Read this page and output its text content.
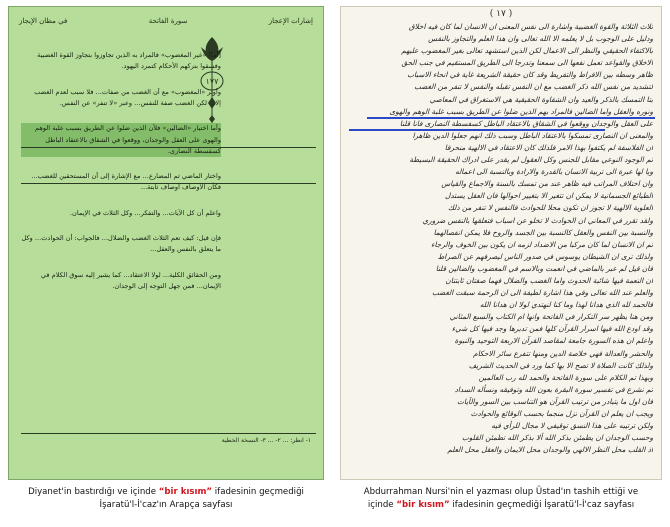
إشارات الإعجاز
سورة الفاتحة
في مظان الإيجاز
١٧٧

[أما] «غير المغضوب» فالمراد به الذين تجاوزوا بتجاوز القوة الغضبية وفسقوا بتركهم الأحكام كتمرد اليهود.

وأوثر «المغضوب» مع أن الغضب من صفات... فلا سبب لعدم الغضب إلا... لكن الغضب صفة للنفس... وعبر «لا تنفر» عن النفس.

وأما اختيار «الضالين» فلأن الذين ضلوا عن الطريق بسبب غلبة الوهم والهوى على العقل والوجدان، ووقعوا في الشقاق بالاعتقاد الباطل كسفسطة النصارى.

واختار الماضي ثم المضارع... مع الإشارة إلى أن المستحقين للغضب... فكأن الأوصاف أوصاف ثابتة...

واعلم أن كل الآيات... والتفكر... وكل الثلاث في الإيمان.

فإن قيل: كيف تعم الثلاث الغضب والضلال... فالجواب: أن الحوادث... وكل ما يتعلق بالنفس والعقل...

ومن الحقائق الكلية... لولا الاعتقاد... كما يشير إليه سوق الكلام في الإيمان... فمن جهل التوجه إلى الوجدان.

١- انظر: ... ٢- ... ٣- النسخة الخطية
( ١٧ )
ثلاث الثلاثة والقوة الغضبية واشارة الى نفس المعنى ان الانسان لما كان فيه اخلاق
ودليل على الوجوب بل لا يعلمه الا الله تعالى وان هذا العلم والتجاوز بالنفس
بالاكتفاء الحقيقي والنظر الى الاعمال لكن الذين استشهد تعالى بغير المغضوب عليهم
الاخلاق والقواعد تعمل نفعها الى سمعنا وتدرجا الى الطريق المستقيم في جنب الحق
ظاهر وسطه بين الافراط والتفريط وقد كان حقيقة الشريعة غاية في انحاء الاسباب
لتشديد من نفس الله ذكر الغضب مع ان النفس تقبله والنفس لا تنفر من الغضب
بتا التمسك بالذكر والعيد وان الشقاوة الحقيقية هي الاستغراق في المعاصي
ونوره والعقل واما الضالين فالمراد بهم الذين ضلوا عن الطريق بسبب غلبة الوهم والهوى
على العقل والوجدان ووقعوا في الشقاق بالاعتقاد الباطل كسفسطة النصارى فانا قلنا
والمعنى ان النصارى تمسكوا بالاعتقاد الباطل وسبب ذلك انهم جعلوا الدين ظاهرا
ان الفلاسفة لم يكتفوا بهذا الامر فلذلك كان الاعتقاد في الالهية منحرفا
ثم الوجود النوعي مقابل للجنس وكل العقول لم يقدر على ادراك الحقيقة البسيطة
ويا لها عبرة الى تربية الانسان بالقدرة والارادة وبالنسبة الى اعماله
وان اختلاف المراتب فيه ظاهر عند من تمسك بالسنة والاجماع والقياس
الطبائع الجسمانية لا يمكن ان تتغير الا بتغيير احوالها فان العقل يستدل
العلوية الالهية لا تجوز ان تكون محلا للحوادث فالنفس لا تنفر من ذلك
ولقد تقرر في المعاني ان الحوادث لا تخلو عن اسباب فتعلقها بالنفس ضروري
والنسبة بين النفس والعقل كالنسبة بين الجسد والروح فلا يمكن انفصالهما
ثم ان الانسان لما كان مركبا من الاضداد لزمه ان يكون بين الخوف والرجاء
ولذلك ترى ان الشيطان يوسوس في صدور الناس ليصرفهم عن الصراط
فان قيل لم عبر بالماضي في انعمت وبالاسم في المغضوب والضالين قلنا
ان النعمة فيها شائبة الحدوث واما الغضب والضلال فهما صفتان ثابتتان
والعلم عند الله تعالى وفي هذا اشارة لطيفة الى ان الرحمة سبقت الغضب
فالحمد لله الذي هدانا لهذا وما كنا لنهتدي لولا ان هدانا الله
ومن هنا يظهر سر التكرار في الفاتحة وانها ام الكتاب والسبع المثاني
وقد اودع الله فيها اسرار القرآن كلها فمن تدبرها وجد فيها كل شيء
واعلم ان هذه السورة جامعة لمقاصد القرآن الاربعة التوحيد والنبوة
والحشر والعدالة فهي خلاصة الدين ومنها تتفرع سائر الاحكام
ولذلك كانت الصلاة لا تصح الا بها كما ورد في الحديث الشريف
وبهذا تم الكلام على سورة الفاتحة والحمد لله رب العالمين
ثم نشرع في تفسير سورة البقرة بعون الله وتوفيقه ونسأله السداد
فان اول ما يتبادر من ترتيب القرآن هو التناسب بين السور والآيات
ويجب ان يعلم ان القرآن نزل منجما بحسب الوقائع والحوادث
ولكن ترتيبه على هذا النسق توقيفي لا مجال للرأي فيه
وحسب الوجدان ان يطمئن بذكر الله ألا بذكر الله تطمئن القلوب
اذ القلب محل النظر الالهي والوجدان محل الايمان والعقل محل العلم
Diyanet'in bastırdığı ve içinde “bir kısım” ifadesinin geçmediği
İşaratü'l-İ'caz'ın Arapça sayfası
Abdurrahman Nursi'nin el yazması olup Üstad'ın tashih ettiği ve
içinde “bir kısım” ifadesinin geçmediği İşaratü'l-İ'caz sayfası
